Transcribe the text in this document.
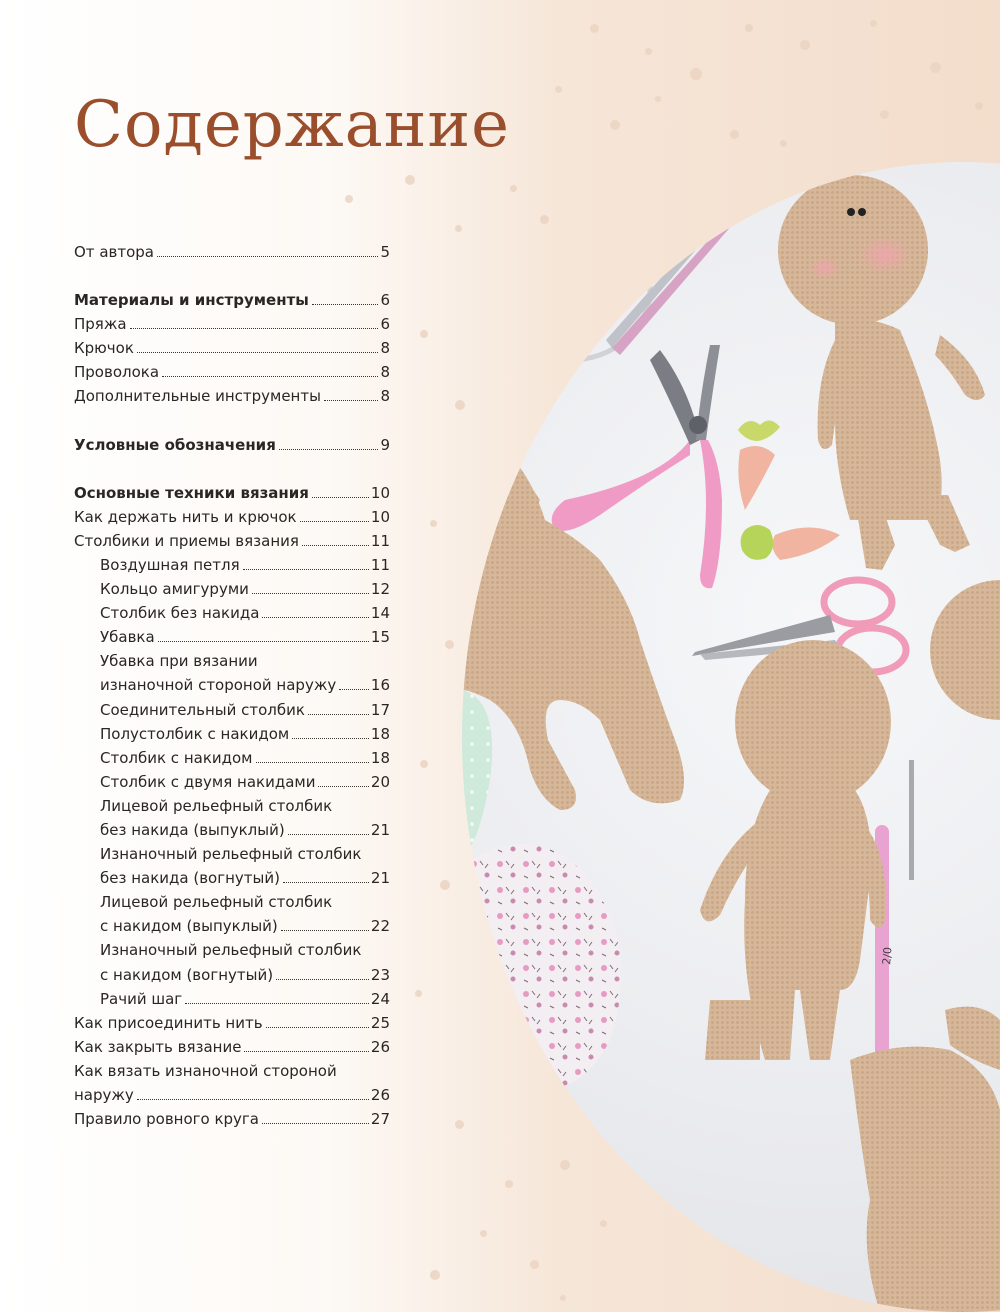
Содержание
От автора	5
Материалы и инструменты	6
Пряжа	6
Крючок	8
Проволока	8
Дополнительные инструменты	8
Условные обозначения	9
Основные техники вязания	10
Как держать нить и крючок	10
Столбики и приемы вязания	11
Воздушная петля	11
Кольцо амигуруми	12
Столбик без накида	14
Убавка	15
Убавка при вязании
изнаночной стороной наружу 16
Соединительный столбик	17
Полустолбик с накидом	18
Столбик с накидом	18
Столбик с двумя накидами	20
Лицевой рельефный столбик
без накида (выпуклый)	21
Изнаночный рельефный столбик
без накида (вогнутый)	21
Лицевой рельефный столбик
с накидом (выпуклый)	22
Изнаночный рельефный столбик
с накидом (вогнутый)	23
Рачий шаг	24
Как присоединить нить	25
Как закрыть вязание	26
Как вязать изнаночной стороной
наружу	26
Правило ровного круга	27
2/0
